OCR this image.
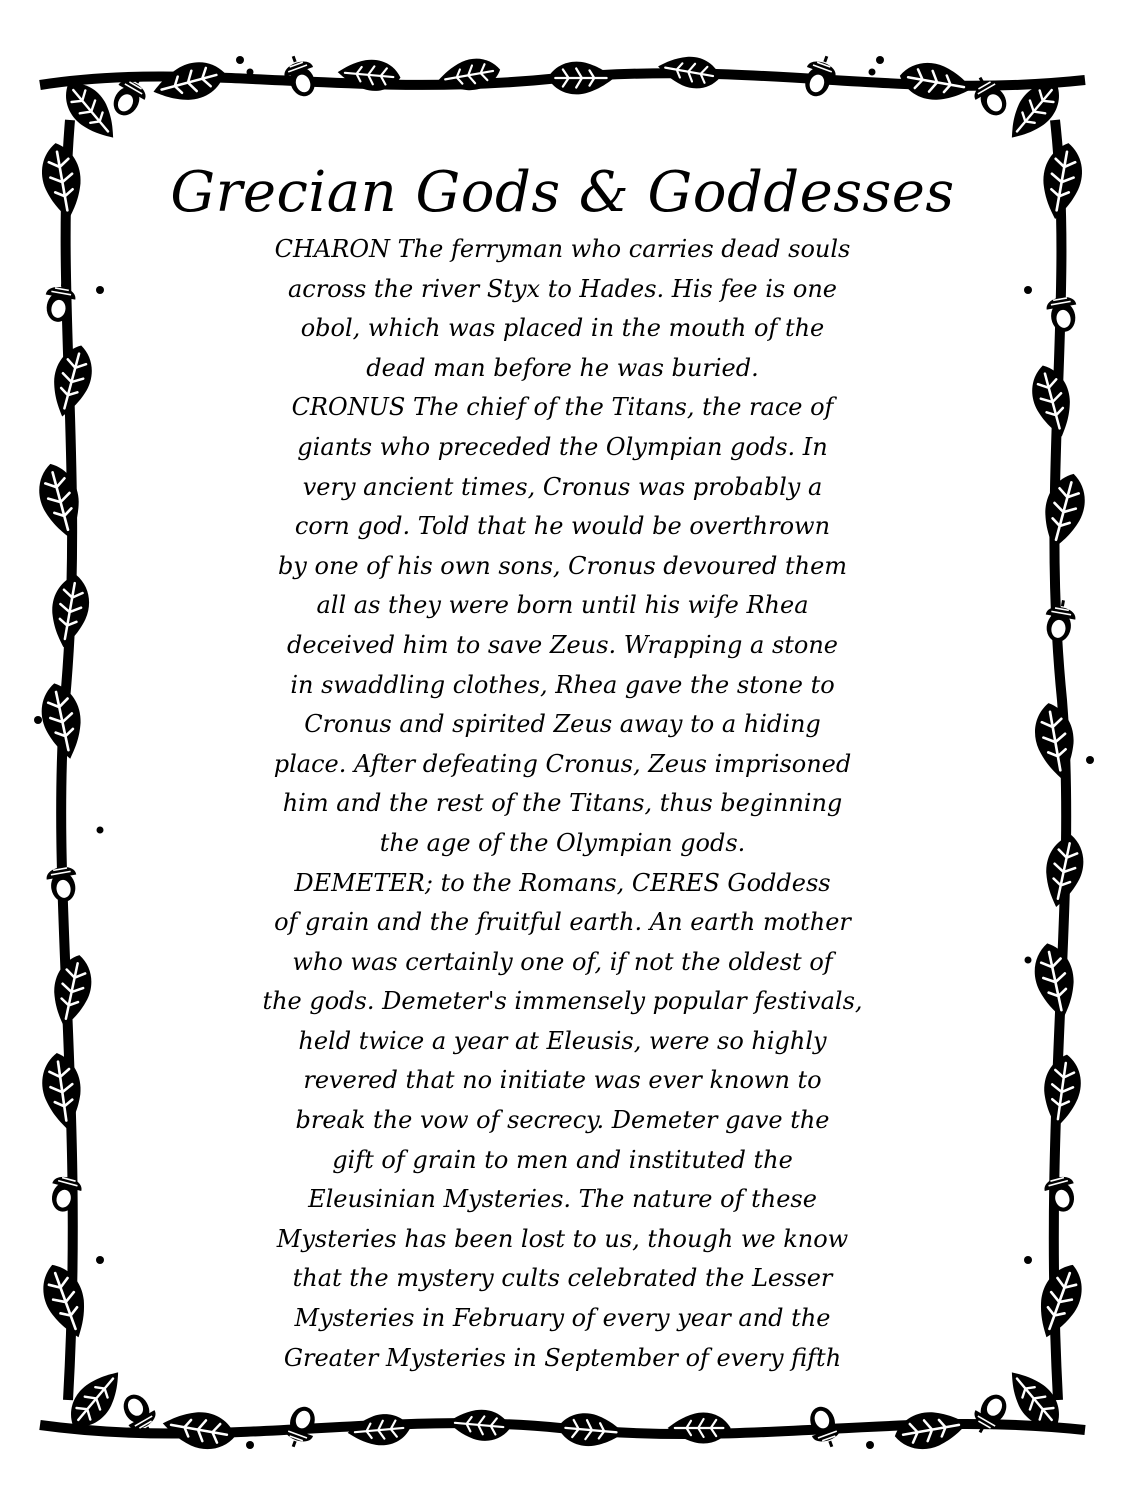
Grecian Gods & Goddesses
CHARON The ferryman who carries dead souls
across the river Styx to Hades. His fee is one
obol, which was placed in the mouth of the
dead man before he was buried.
CRONUS The chief of the Titans, the race of
giants who preceded the Olympian gods. In
very ancient times, Cronus was probably a
corn god. Told that he would be overthrown
by one of his own sons, Cronus devoured them
all as they were born until his wife Rhea
deceived him to save Zeus. Wrapping a stone
in swaddling clothes, Rhea gave the stone to
Cronus and spirited Zeus away to a hiding
place. After defeating Cronus, Zeus imprisoned
him and the rest of the Titans, thus beginning
the age of the Olympian gods.
DEMETER; to the Romans, CERES Goddess
of grain and the fruitful earth. An earth mother
who was certainly one of, if not the oldest of
the gods. Demeter's immensely popular festivals,
held twice a year at Eleusis, were so highly
revered that no initiate was ever known to
break the vow of secrecy. Demeter gave the
gift of grain to men and instituted the
Eleusinian Mysteries. The nature of these
Mysteries has been lost to us, though we know
that the mystery cults celebrated the Lesser
Mysteries in February of every year and the
Greater Mysteries in September of every fifth
